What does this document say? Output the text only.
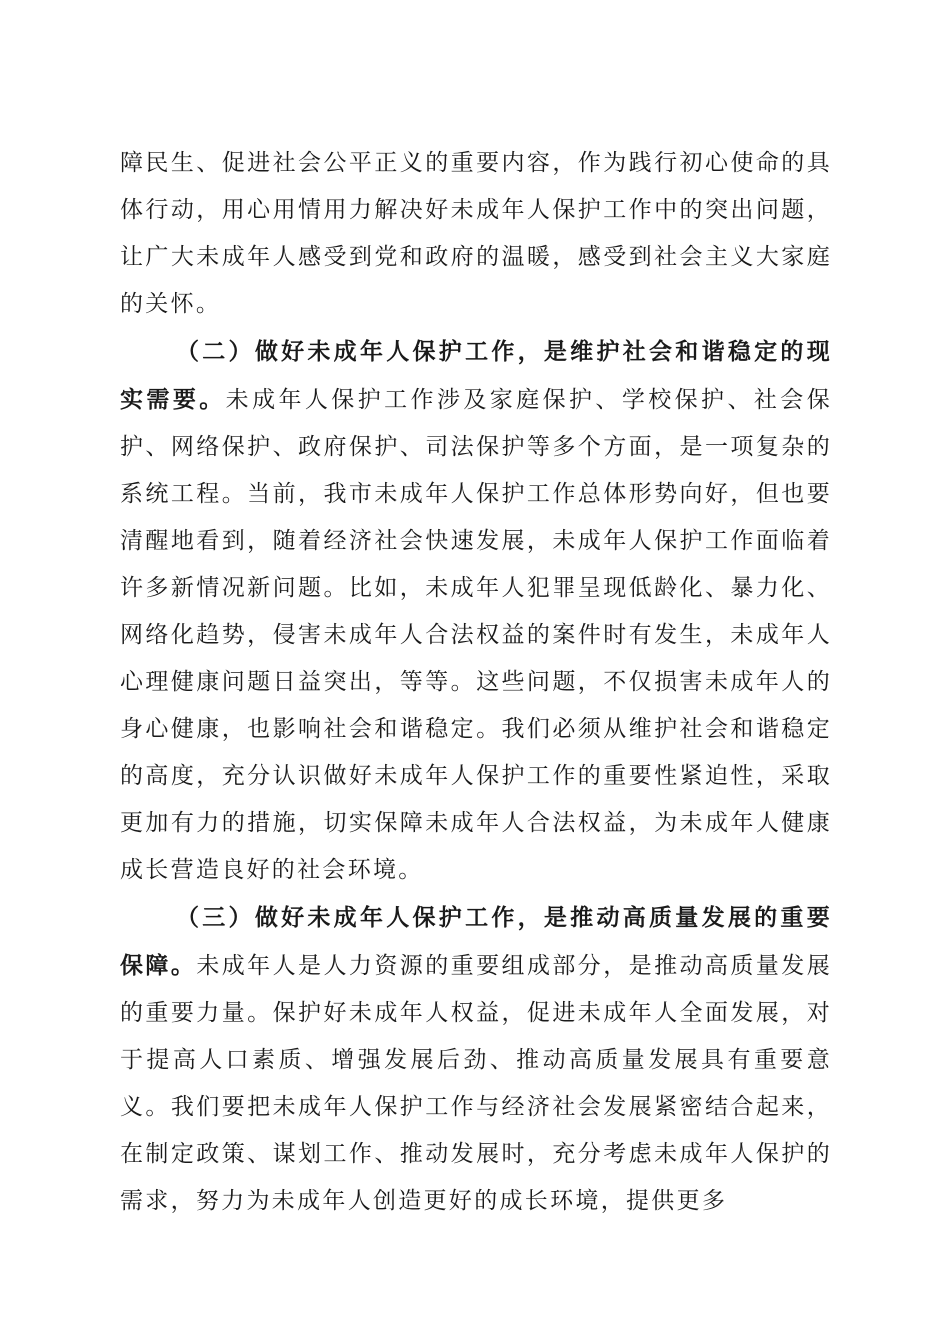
障民生、促进社会公平正义的重要内容，作为践行初心使命的具体行动，用心用情用力解决好未成年人保护工作中的突出问题，让广大未成年人感受到党和政府的温暖，感受到社会主义大家庭的关怀。

（二）做好未成年人保护工作，是维护社会和谐稳定的现实需要。未成年人保护工作涉及家庭保护、学校保护、社会保护、网络保护、政府保护、司法保护等多个方面，是一项复杂的系统工程。当前，我市未成年人保护工作总体形势向好，但也要清醒地看到，随着经济社会快速发展，未成年人保护工作面临着许多新情况新问题。比如，未成年人犯罪呈现低龄化、暴力化、网络化趋势，侵害未成年人合法权益的案件时有发生，未成年人心理健康问题日益突出，等等。这些问题，不仅损害未成年人的身心健康，也影响社会和谐稳定。我们必须从维护社会和谐稳定的高度，充分认识做好未成年人保护工作的重要性紧迫性，采取更加有力的措施，切实保障未成年人合法权益，为未成年人健康成长营造良好的社会环境。

（三）做好未成年人保护工作，是推动高质量发展的重要保障。未成年人是人力资源的重要组成部分，是推动高质量发展的重要力量。保护好未成年人权益，促进未成年人全面发展，对于提高人口素质、增强发展后劲、推动高质量发展具有重要意义。我们要把未成年人保护工作与经济社会发展紧密结合起来，在制定政策、谋划工作、推动发展时，充分考虑未成年人保护的需求，努力为未成年人创造更好的成长环境，提供更多
